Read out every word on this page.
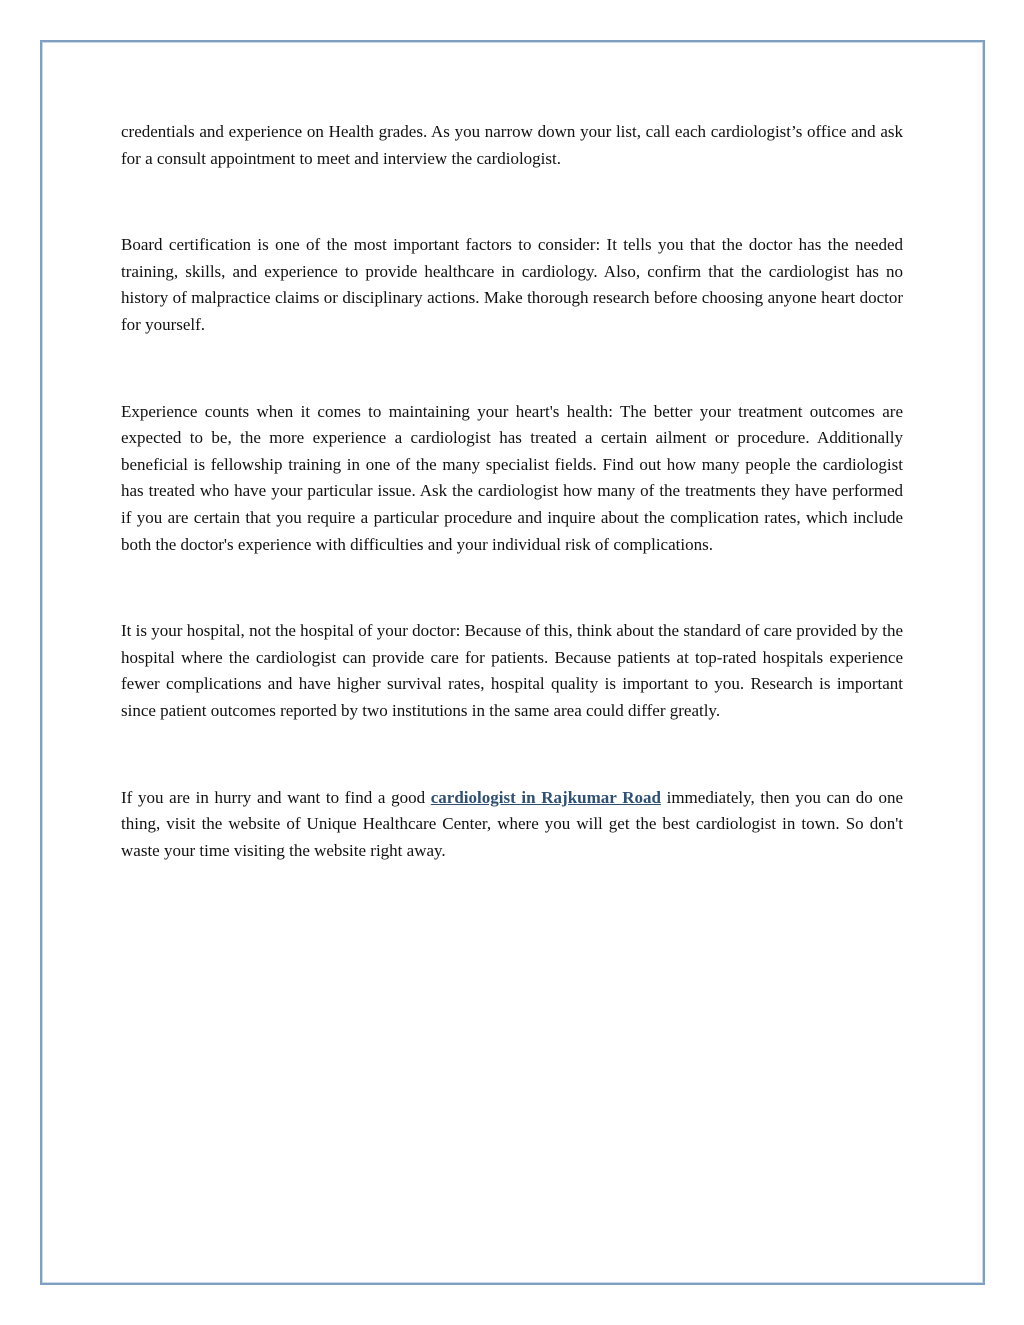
credentials and experience on Health grades. As you narrow down your list, call each cardiologist’s office and ask for a consult appointment to meet and interview the cardiologist.

Board certification is one of the most important factors to consider: It tells you that the doctor has the needed training, skills, and experience to provide healthcare in cardiology. Also, confirm that the cardiologist has no history of malpractice claims or disciplinary actions. Make thorough research before choosing anyone heart doctor for yourself.

Experience counts when it comes to maintaining your heart's health: The better your treatment outcomes are expected to be, the more experience a cardiologist has treated a certain ailment or procedure. Additionally beneficial is fellowship training in one of the many specialist fields. Find out how many people the cardiologist has treated who have your particular issue. Ask the cardiologist how many of the treatments they have performed if you are certain that you require a particular procedure and inquire about the complication rates, which include both the doctor's experience with difficulties and your individual risk of complications.

It is your hospital, not the hospital of your doctor: Because of this, think about the standard of care provided by the hospital where the cardiologist can provide care for patients. Because patients at top-rated hospitals experience fewer complications and have higher survival rates, hospital quality is important to you. Research is important since patient outcomes reported by two institutions in the same area could differ greatly.

If you are in hurry and want to find a good cardiologist in Rajkumar Road immediately, then you can do one thing, visit the website of Unique Healthcare Center, where you will get the best cardiologist in town. So don't waste your time visiting the website right away.
